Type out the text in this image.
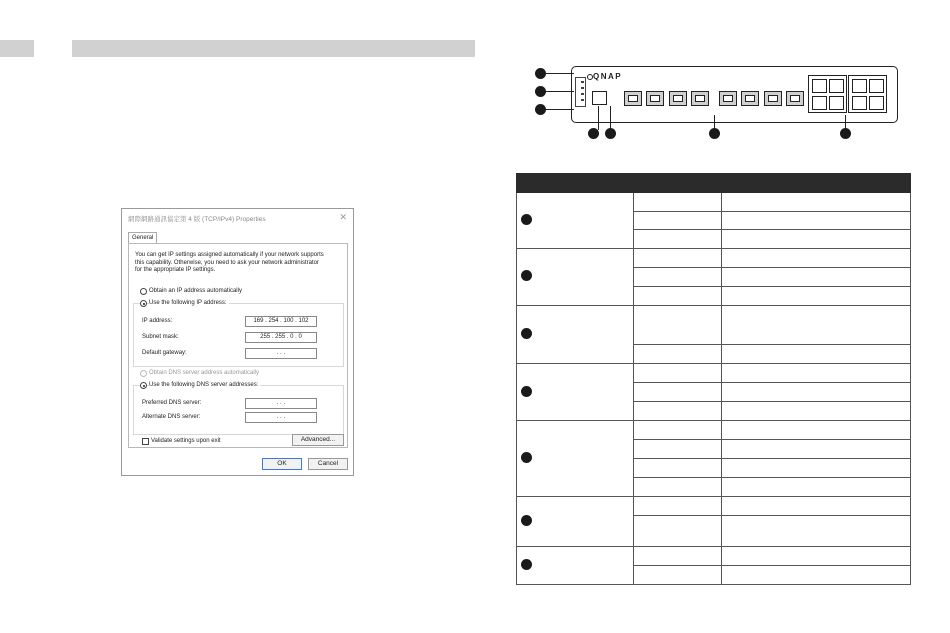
網際網路通訊協定第 4 版 (TCP/IPv4) Properties	✕
General
You can get IP settings assigned automatically if your network supports
this capability. Otherwise, you need to ask your network administrator
for the appropriate IP settings.
Obtain an IP address automatically
Use the following IP address:
IP address:	169 . 254 . 100 . 102
Subnet mask:	255 . 255 . 0 . 0
Default gateway:	. . .
Obtain DNS server address automatically
Use the following DNS server addresses:
Preferred DNS server:	. . .
Alternate DNS server:	. . .
Validate settings upon exit	Advanced...
OK	Cancel
QNAP
